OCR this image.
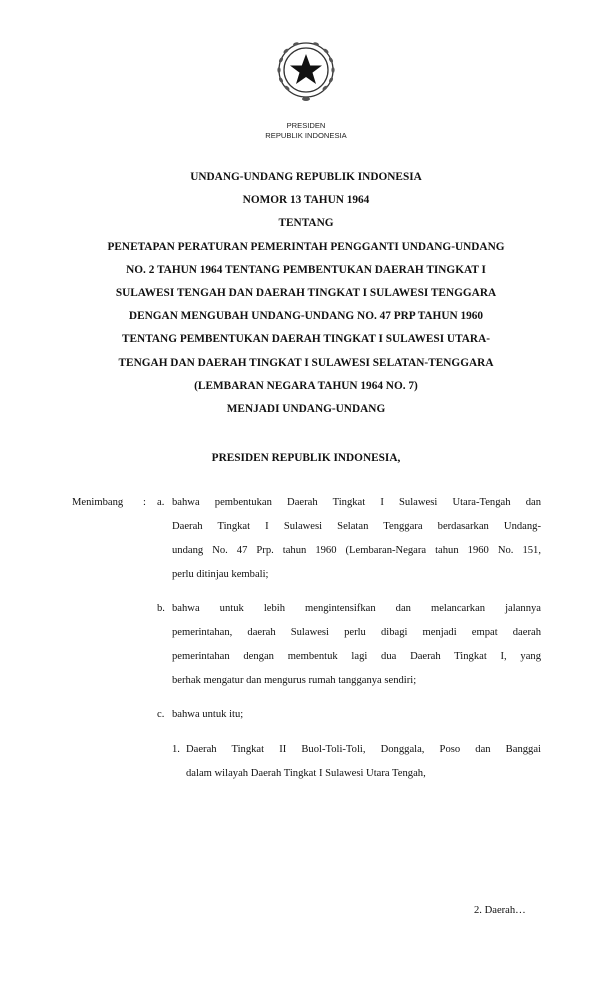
PRESIDEN
REPUBLIK INDONESIA
UNDANG-UNDANG REPUBLIK INDONESIA
NOMOR 13 TAHUN 1964
TENTANG
PENETAPAN PERATURAN PEMERINTAH PENGGANTI UNDANG-UNDANG
NO. 2 TAHUN 1964 TENTANG PEMBENTUKAN DAERAH TINGKAT I
SULAWESI TENGAH DAN DAERAH TINGKAT I SULAWESI TENGGARA
DENGAN MENGUBAH UNDANG-UNDANG NO. 47 PRP TAHUN 1960
TENTANG PEMBENTUKAN DAERAH TINGKAT I SULAWESI UTARA-
TENGAH DAN DAERAH TINGKAT I SULAWESI SELATAN-TENGGARA
(LEMBARAN NEGARA TAHUN 1964 NO. 7)
MENJADI UNDANG-UNDANG
PRESIDEN REPUBLIK INDONESIA,
Menimbang : a. bahwa pembentukan Daerah Tingkat I Sulawesi Utara-Tengah dan
Daerah Tingkat I Sulawesi Selatan Tenggara berdasarkan Undang-
undang No. 47 Prp. tahun 1960 (Lembaran-Negara tahun 1960 No. 151,
perlu ditinjau kembali;
b. bahwa untuk lebih mengintensifkan dan melancarkan jalannya
pemerintahan, daerah Sulawesi perlu dibagi menjadi empat daerah
pemerintahan dengan membentuk lagi dua Daerah Tingkat I, yang
berhak mengatur dan mengurus rumah tangganya sendiri;
c. bahwa untuk itu;
1. Daerah Tingkat II Buol-Toli-Toli, Donggala, Poso dan Banggai
dalam wilayah Daerah Tingkat I Sulawesi Utara Tengah,
2. Daerah…
